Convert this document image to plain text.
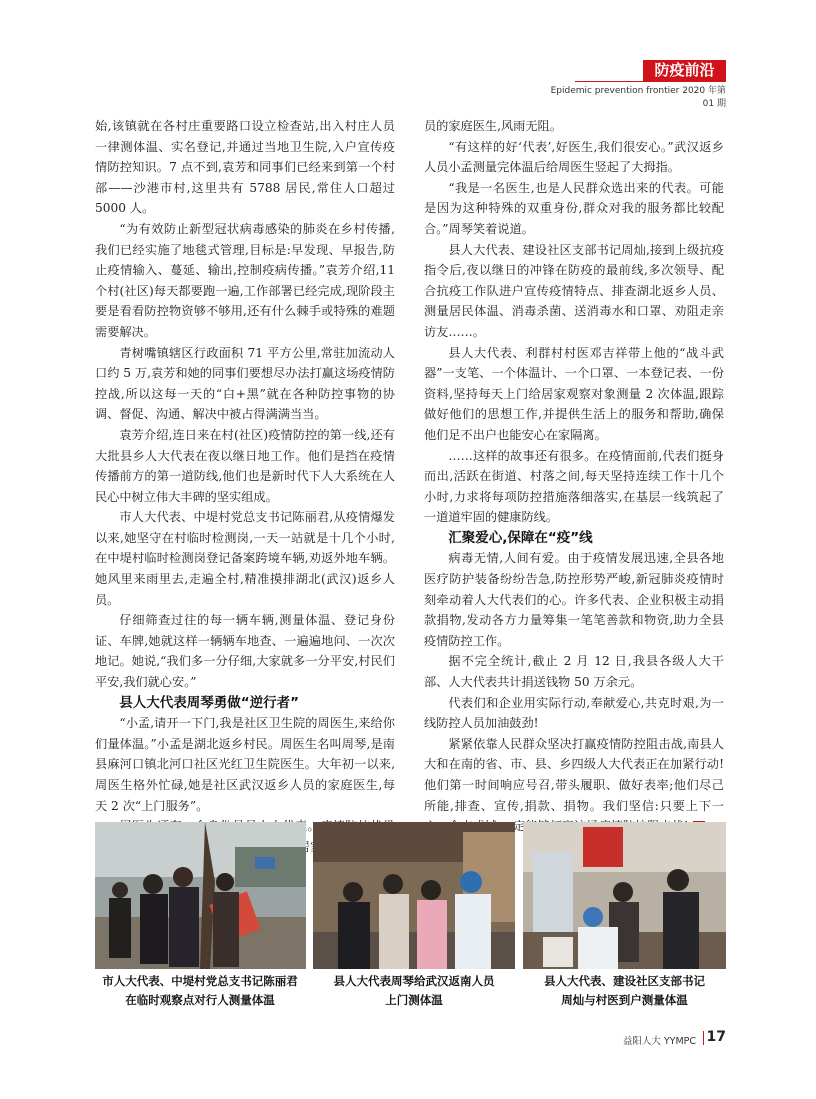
防疫前沿
Epidemic prevention frontier 2020 年第 01 期

始,该镇就在各村庄重要路口设立检查站,出入村庄人员一律测体温、实名登记,并通过当地卫生院,入户宣传疫情防控知识。7 点不到,袁芳和同事们已经来到第一个村部——沙港市村,这里共有 5788 居民,常住人口超过 5000 人。

“为有效防止新型冠状病毒感染的肺炎在乡村传播,我们已经实施了地毯式管理,目标是:早发现、早报告,防止疫情输入、蔓延、输出,控制疫病传播。”袁芳介绍,11 个村(社区)每天都要跑一遍,工作部署已经完成,现阶段主要是看看防控物资够不够用,还有什么棘手或特殊的难题需要解决。

青树嘴镇辖区行政面积 71 平方公里,常驻加流动人口约 5 万,袁芳和她的同事们要想尽办法打赢这场疫情防控战,所以这每一天的“白+黑”就在各种防控事物的协调、督促、沟通、解决中被占得满满当当。

袁芳介绍,连日来在村(社区)疫情防控的第一线,还有大批县乡人大代表在夜以继日地工作。他们是挡在疫情传播前方的第一道防线,他们也是新时代下人大系统在人民心中树立伟大丰碑的坚实组成。

市人大代表、中堤村党总支书记陈丽君,从疫情爆发以来,她坚守在村临时检测岗,一天一站就是十几个小时,在中堤村临时检测岗登记备案跨境车辆,劝返外地车辆。她风里来雨里去,走遍全村,精准摸排湖北(武汉)返乡人员。

仔细筛查过往的每一辆车辆,测量体温、登记身份证、车牌,她就这样一辆辆车地查、一遍遍地问、一次次地记。她说,“我们多一分仔细,大家就多一分平安,村民们平安,我们就心安。”

县人大代表周琴勇做“逆行者”

“小孟,请开一下门,我是社区卫生院的周医生,来给你们量体温。”小孟是湖北返乡村民。周医生名叫周琴,是南县麻河口镇北河口社区光红卫生院医生。大年初一以来,周医生格外忙碌,她是社区武汉返乡人员的家庭医生,每天 2 次“上门服务”。

员的家庭医生,风雨无阻。

“有这样的好‘代表’,好医生,我们很安心。”武汉返乡人员小孟测量完体温后给周医生竖起了大拇指。

“我是一名医生,也是人民群众选出来的代表。可能是因为这种特殊的双重身份,群众对我的服务都比较配合。”周琴笑着说道。

县人大代表、建设社区支部书记周灿,接到上级抗疫指令后,夜以继日的冲锋在防疫的最前线,多次领导、配合抗疫工作队进户宣传疫情特点、排查湖北返乡人员、测量居民体温、消毒杀菌、送消毒水和口罩、劝阻走亲访友……。

县人大代表、利群村村医邓吉祥带上他的“战斗武器”一支笔、一个体温计、一个口罩、一本登记表、一份资料,坚持每天上门给居家观察对象测量 2 次体温,跟踪做好他们的思想工作,并提供生活上的服务和帮助,确保他们足不出户也能安心在家隔离。

……这样的故事还有很多。在疫情面前,代表们挺身而出,活跃在街道、村落之间,每天坚持连续工作十几个小时,力求将每项防控措施落细落实,在基层一线筑起了一道道牢固的健康防线。

汇聚爱心,保障在“疫”线

病毒无情,人间有爱。由于疫情发展迅速,全县各地医疗防护装备纷纷告急,防控形势严峻,新冠肺炎疫情时刻牵动着人大代表们的心。许多代表、企业积极主动捐款捐物,发动各方力量筹集一笔笔善款和物资,助力全县疫情防控工作。

据不完全统计,截止 2 月 12 日,我县各级人大干部、人大代表共计捐送钱物 50 万余元。

代表们和企业用实际行动,奉献爱心,共克时艰,为一线防控人员加油鼓劲!

紧紧依靠人民群众坚决打赢疫情防控阻击战,南县人大和在南的省、市、县、乡四级人大代表正在加紧行动! 他们第一时间响应号召,带头履职、做好表率;他们尽己所能,排查、宣传,捐款、捐物。我们坚信:只要上下一 定

市人大代表、中堤村党总支书记陈丽君
在临时观察点对行人测量体温
县人大代表周琴给武汉返南人员
上门测体温
县人大代表、建设社区支部书记
周灿与村医到户测量体温
益阳人大 YYMPC 17
